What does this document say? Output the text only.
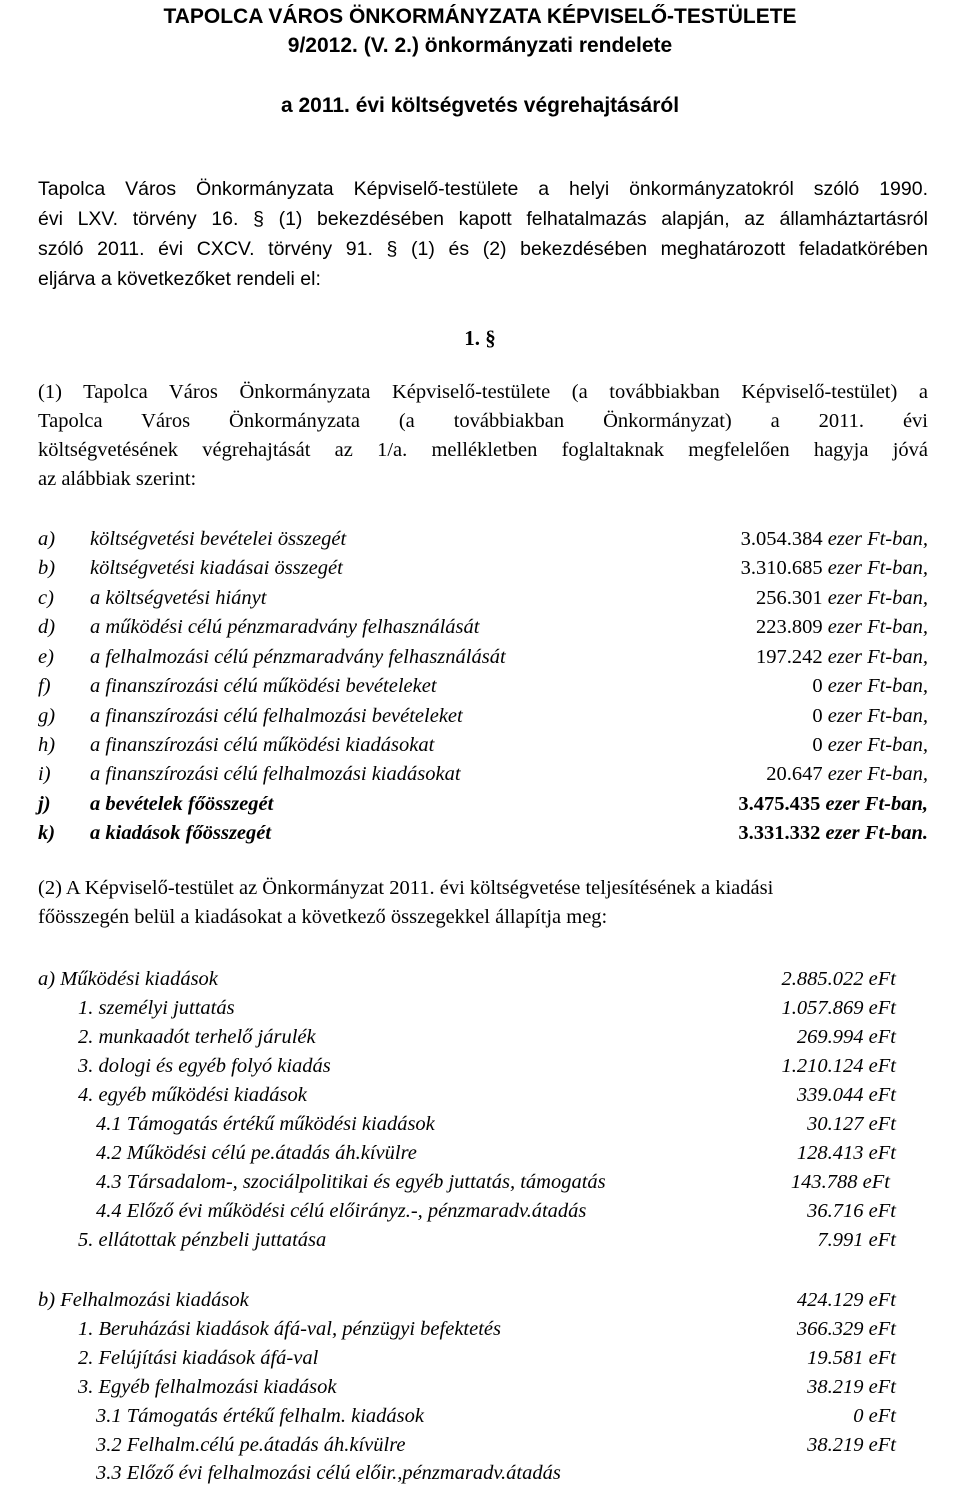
TAPOLCA VÁROS ÖNKORMÁNYZATA KÉPVISELŐ-TESTÜLETE
9/2012. (V. 2.) önkormányzati rendelete
a 2011. évi költségvetés végrehajtásáról
Tapolca Város Önkormányzata Képviselő-testülete a helyi önkormányzatokról szóló 1990.
évi LXV. törvény 16. § (1) bekezdésében kapott felhatalmazás alapján, az államháztartásról
szóló 2011. évi CXCV. törvény 91. § (1) és (2) bekezdésében meghatározott feladatkörében
eljárva a következőket rendeli el:
1. §
(1) Tapolca Város Önkormányzata Képviselő-testülete (a továbbiakban Képviselő-testület) a
Tapolca Város Önkormányzata (a továbbiakban Önkormányzat) a 2011. évi
költségvetésének végrehajtását az 1/a. mellékletben foglaltaknak megfelelően hagyja jóvá
az alábbiak szerint:
a) költségvetési bevételei összegét	3.054.384 ezer Ft-ban,
b) költségvetési kiadásai összegét	3.310.685 ezer Ft-ban,
c) a költségvetési hiányt	256.301 ezer Ft-ban,
d) a működési célú pénzmaradvány felhasználását	223.809 ezer Ft-ban,
e) a felhalmozási célú pénzmaradvány felhasználását	197.242 ezer Ft-ban,
f) a finanszírozási célú működési bevételeket	0 ezer Ft-ban,
g) a finanszírozási célú felhalmozási bevételeket	0 ezer Ft-ban,
h) a finanszírozási célú működési kiadásokat	0 ezer Ft-ban,
i) a finanszírozási célú felhalmozási kiadásokat	20.647 ezer Ft-ban,
j) a bevételek főösszegét	3.475.435 ezer Ft-ban,
k) a kiadások főösszegét	3.331.332 ezer Ft-ban.
(2) A Képviselő-testület az Önkormányzat 2011. évi költségvetése teljesítésének a kiadási
főösszegén belül a kiadásokat a következő összegekkel állapítja meg:
a) Működési kiadások	2.885.022 eFt
1. személyi juttatás	1.057.869 eFt
2. munkaadót terhelő járulék	269.994 eFt
3. dologi és egyéb folyó kiadás	1.210.124 eFt
4. egyéb működési kiadások	339.044 eFt
4.1 Támogatás értékű működési kiadások	30.127 eFt
4.2 Működési célú pe.átadás áh.kívülre	128.413 eFt
4.3 Társadalom-, szociálpolitikai és egyéb juttatás, támogatás	143.788 eFt
4.4 Előző évi működési célú előirányz.-, pénzmaradv.átadás	36.716 eFt
5. ellátottak pénzbeli juttatása	7.991 eFt
b) Felhalmozási kiadások	424.129 eFt
1. Beruházási kiadások áfá-val, pénzügyi befektetés	366.329 eFt
2. Felújítási kiadások áfá-val	19.581 eFt
3. Egyéb felhalmozási kiadások	38.219 eFt
3.1 Támogatás értékű felhalm. kiadások	0 eFt
3.2 Felhalm.célú pe.átadás áh.kívülre	38.219 eFt
3.3 Előző évi felhalmozási célú előir.,pénzmaradv.átadás
